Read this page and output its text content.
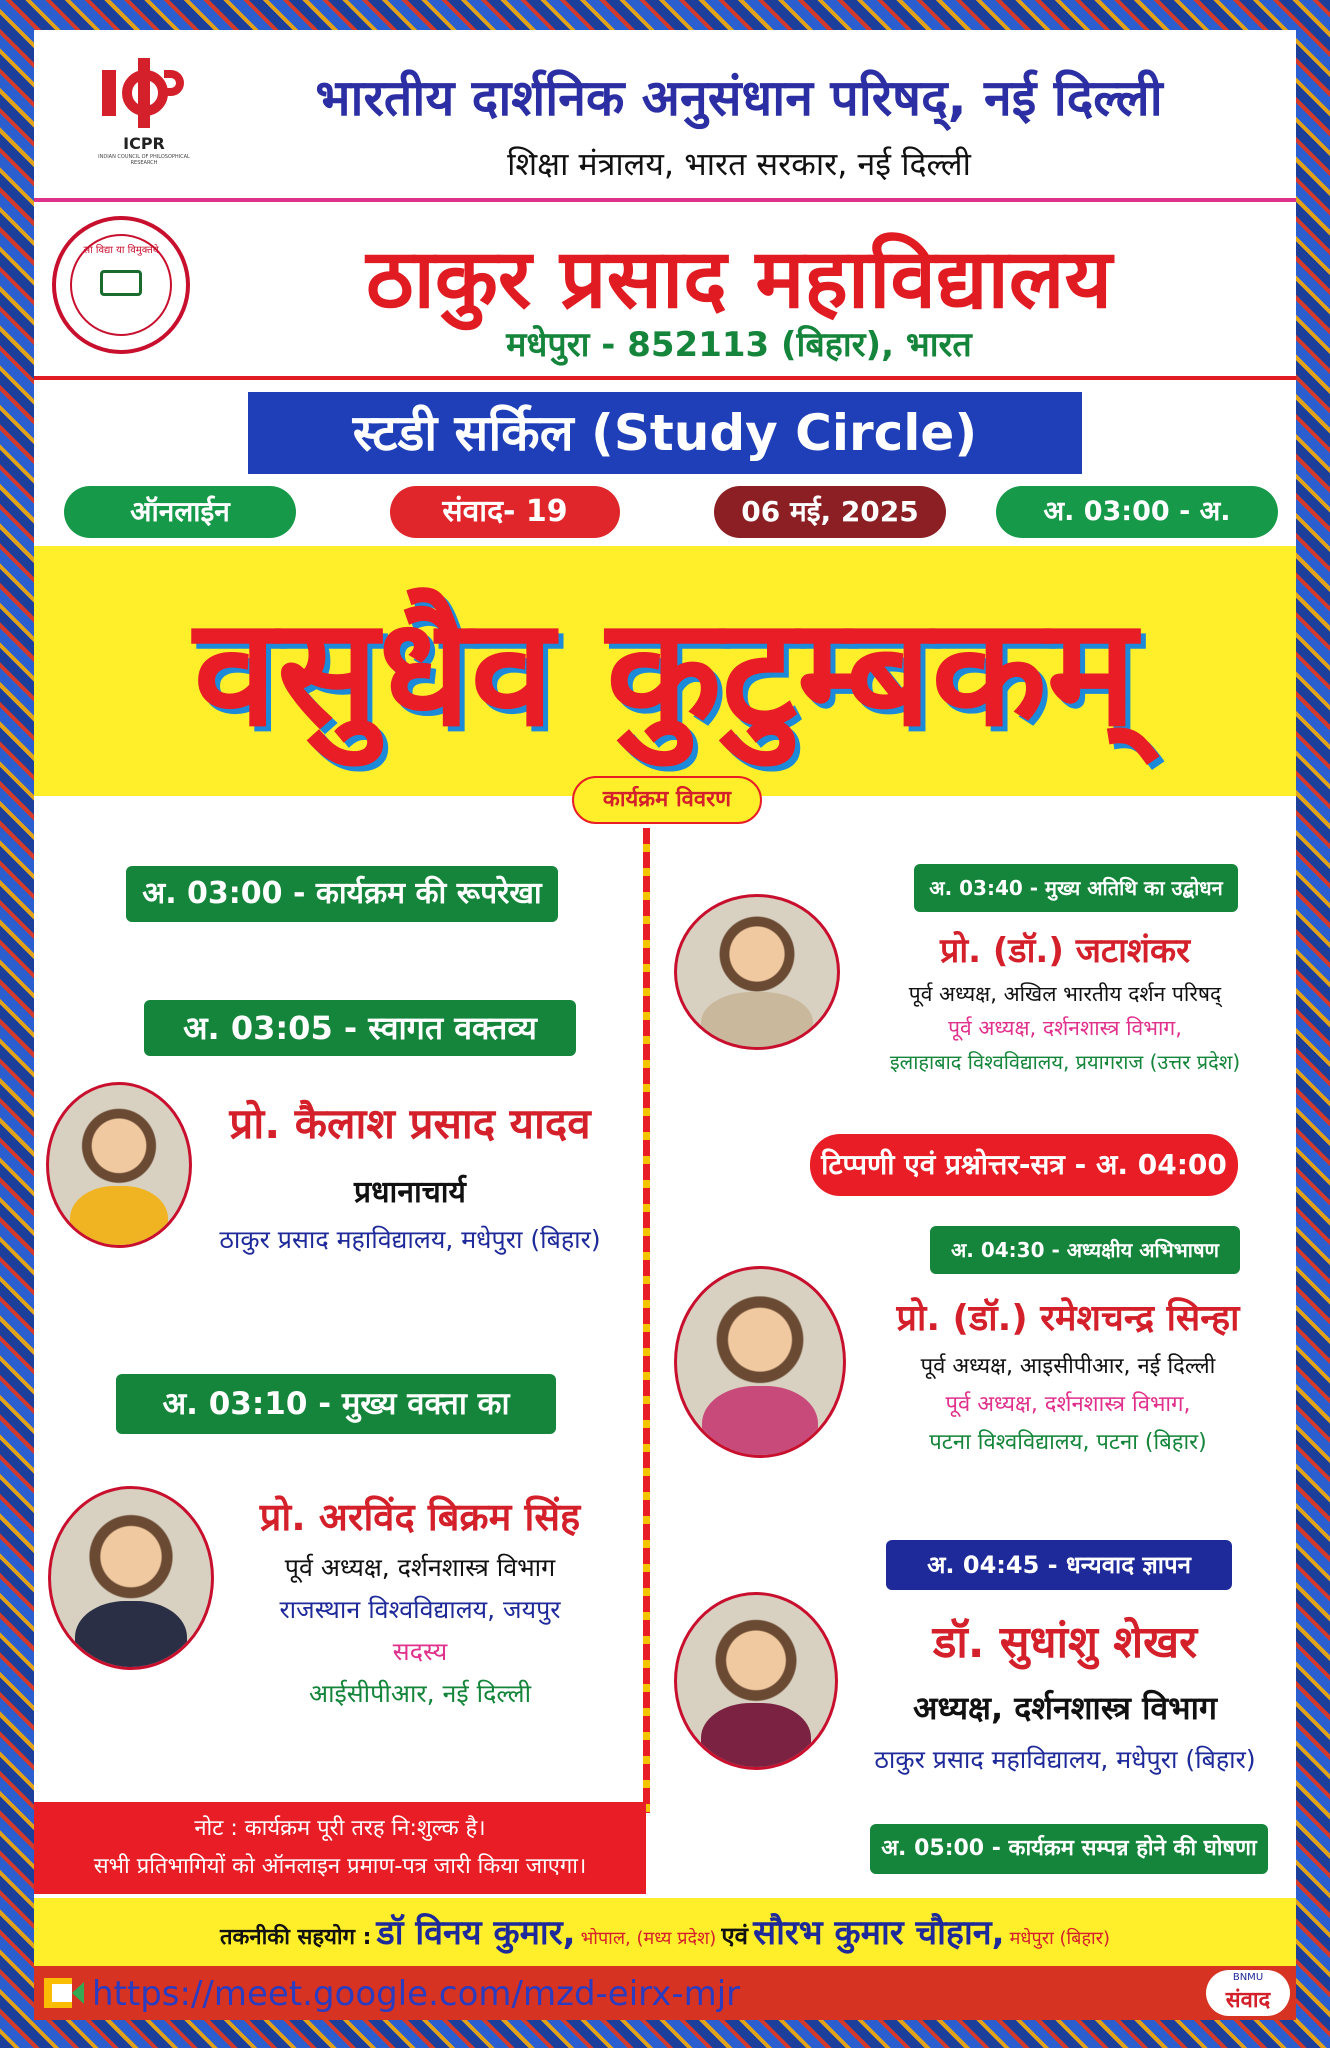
ICPR
INDIAN COUNCIL OF PHILOSOPHICAL RESEARCH
भारतीय दार्शनिक अनुसंधान परिषद्, नई दिल्ली
शिक्षा मंत्रालय, भारत सरकार, नई दिल्ली
सा विद्या या विमुक्तये	ठाकुर प्रसाद महाविद्यालय
मधेपुरा - 852113 (बिहार), भारत
स्टडी सर्किल (Study Circle)
ऑनलाईन	संवाद- 19	06 मई, 2025	अ. 03:00 - अ.
वसुधैव कुटुम्बकम्
कार्यक्रम विवरण
अ. 03:00 - कार्यक्रम की रूपरेखा
अ. 03:05 - स्वागत वक्तव्य
प्रो. कैलाश प्रसाद यादव
प्रधानाचार्य
ठाकुर प्रसाद महाविद्यालय, मधेपुरा (बिहार)
अ. 03:10 - मुख्य वक्ता का संबोधन
प्रो. अरविंद बिक्रम सिंह
पूर्व अध्यक्ष, दर्शनशास्त्र विभाग
राजस्थान विश्वविद्यालय, जयपुर
सदस्य
आईसीपीआर, नई दिल्ली
नोट : कार्यक्रम पूरी तरह नि:शुल्क है।
सभी प्रतिभागियों को ऑनलाइन प्रमाण-पत्र जारी किया जाएगा।
अ. 03:40 - मुख्य अतिथि का उद्बोधन
प्रो. (डॉ.) जटाशंकर
पूर्व अध्यक्ष, अखिल भारतीय दर्शन परिषद्
पूर्व अध्यक्ष, दर्शनशास्त्र विभाग,
इलाहाबाद विश्वविद्यालय, प्रयागराज (उत्तर प्रदेश)
टिप्पणी एवं प्रश्नोत्तर-सत्र - अ. 04:00
अ. 04:30 - अध्यक्षीय अभिभाषण
प्रो. (डॉ.) रमेशचन्द्र सिन्हा
पूर्व अध्यक्ष, आइसीपीआर, नई दिल्ली
पूर्व अध्यक्ष, दर्शनशास्त्र विभाग,
पटना विश्वविद्यालय, पटना (बिहार)
अ. 04:45 - धन्यवाद ज्ञापन
डॉ. सुधांशु शेखर
अध्यक्ष, दर्शनशास्त्र विभाग
ठाकुर प्रसाद महाविद्यालय, मधेपुरा (बिहार)
अ. 05:00 - कार्यक्रम सम्पन्न होने की घोषणा
तकनीकी सहयोग : डॉ विनय कुमार, भोपाल, (मध्य प्रदेश) एवं सौरभ कुमार चौहान, मधेपुरा (बिहार)
https://meet.google.com/mzd-eirx-mjr	BNMU
संवाद
